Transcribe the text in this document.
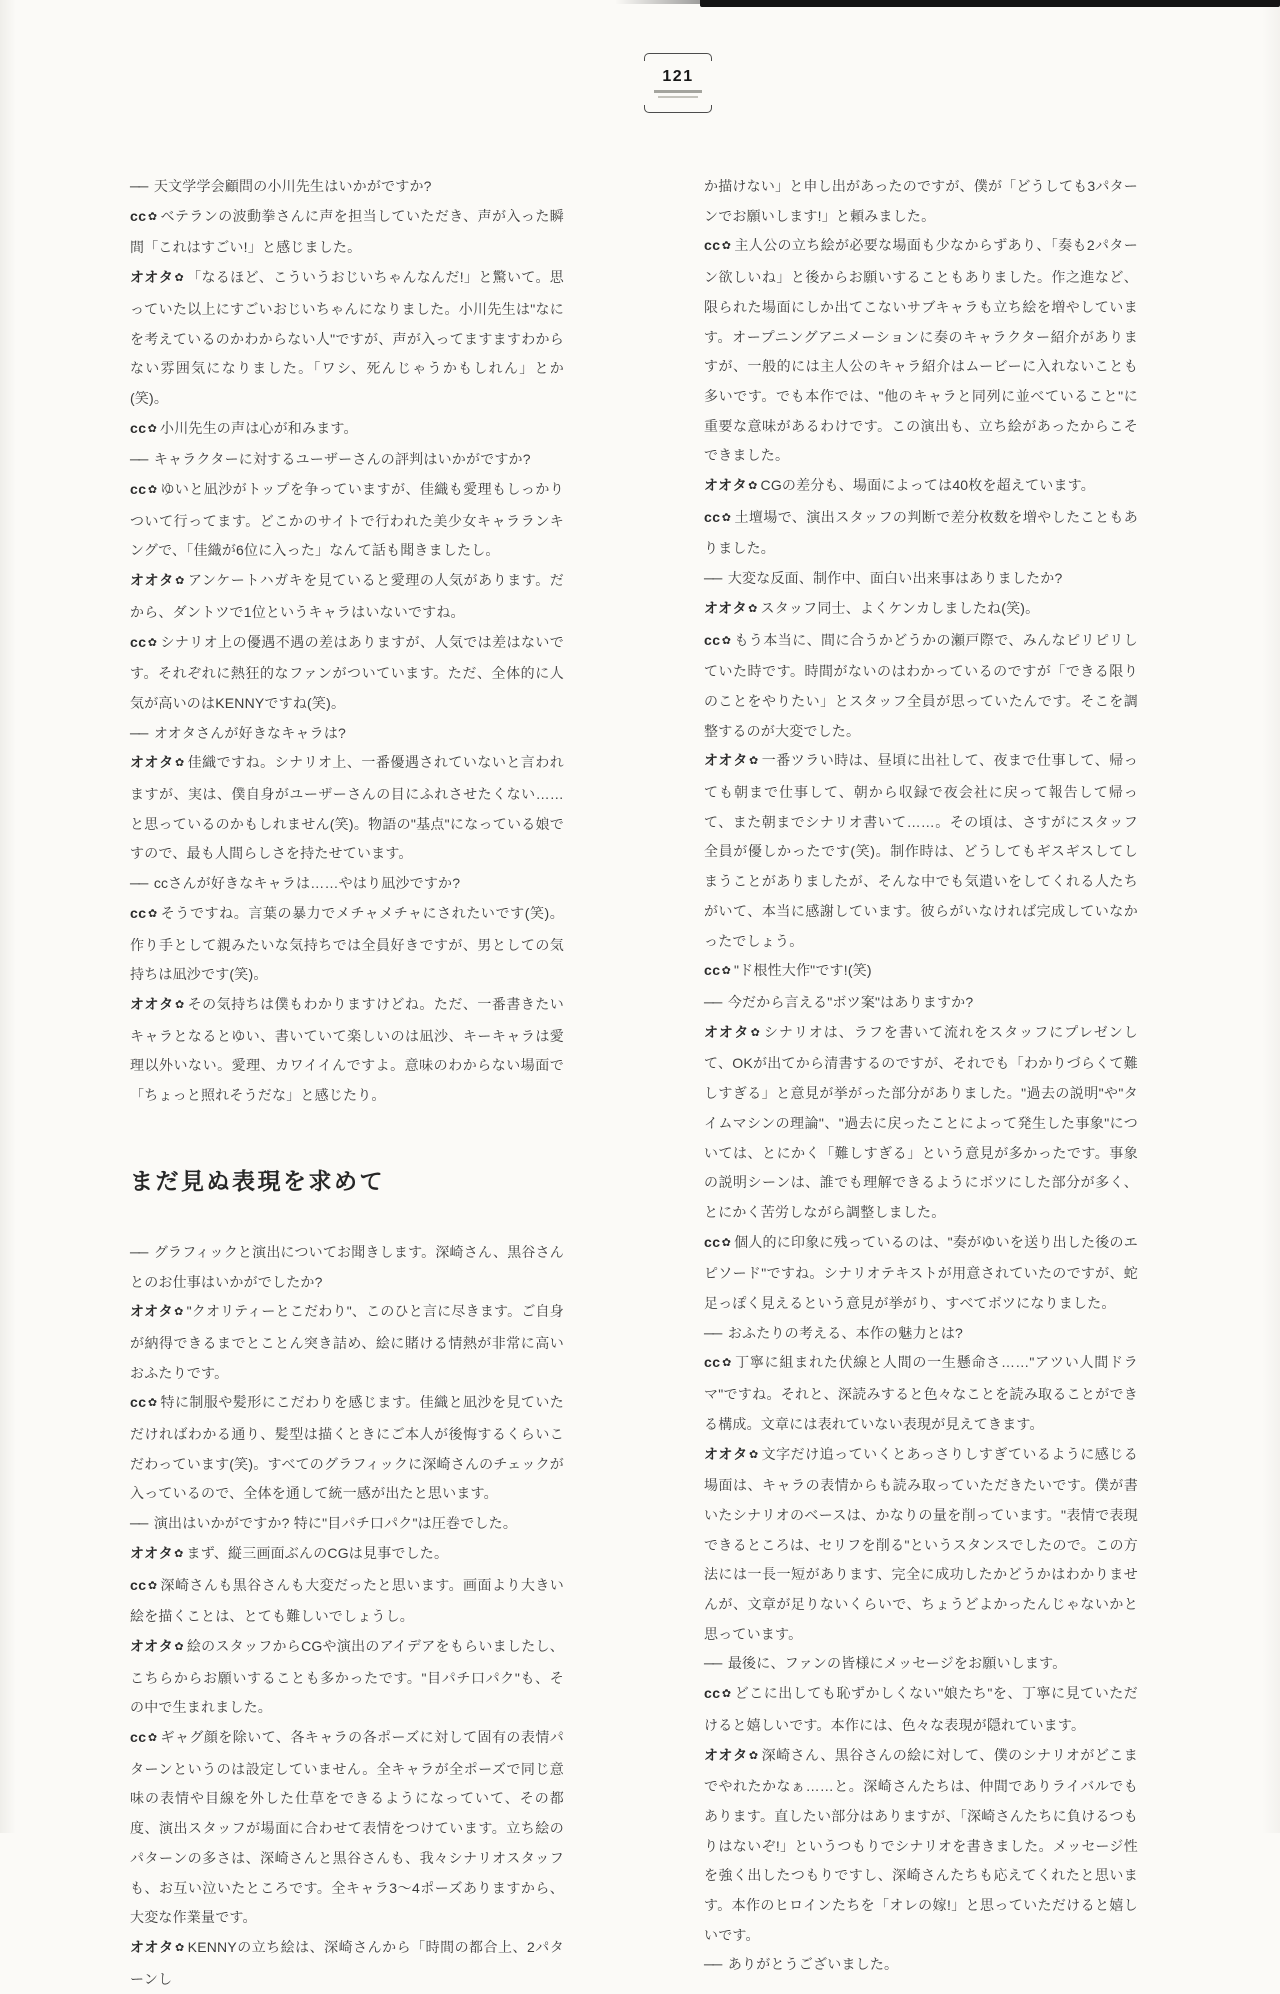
121

── 天文学学会顧問の小川先生はいかがですか?

cc✿ ベテランの波動拳さんに声を担当していただき、声が入った瞬間「これはすごい!」と感じました。

オオタ✿ 「なるほど、こういうおじいちゃんなんだ!」と驚いて。思っていた以上にすごいおじいちゃんになりました。小川先生は"なにを考えているのかわからない人"ですが、声が入ってますますわからない雰囲気になりました。「ワシ、死んじゃうかもしれん」とか(笑)。

cc✿ 小川先生の声は心が和みます。

── キャラクターに対するユーザーさんの評判はいかがですか?

cc✿ ゆいと凪沙がトップを争っていますが、佳織も愛理もしっかりついて行ってます。どこかのサイトで行われた美少女キャラランキングで、「佳織が6位に入った」なんて話も聞きましたし。

オオタ✿ アンケートハガキを見ていると愛理の人気があります。だから、ダントツで1位というキャラはいないですね。

cc✿ シナリオ上の優遇不遇の差はありますが、人気では差はないです。それぞれに熱狂的なファンがついています。ただ、全体的に人気が高いのはKENNYですね(笑)。

── オオタさんが好きなキャラは?

オオタ✿ 佳織ですね。シナリオ上、一番優遇されていないと言われますが、実は、僕自身がユーザーさんの目にふれさせたくない……と思っているのかもしれません(笑)。物語の"基点"になっている娘ですので、最も人間らしさを持たせています。

── ccさんが好きなキャラは……やはり凪沙ですか?

cc✿ そうですね。言葉の暴力でメチャメチャにされたいです(笑)。作り手として親みたいな気持ちでは全員好きですが、男としての気持ちは凪沙です(笑)。

オオタ✿ その気持ちは僕もわかりますけどね。ただ、一番書きたいキャラとなるとゆい、書いていて楽しいのは凪沙、キーキャラは愛理以外いない。愛理、カワイイんですよ。意味のわからない場面で「ちょっと照れそうだな」と感じたり。

まだ見ぬ表現を求めて

── グラフィックと演出についてお聞きします。深崎さん、黒谷さんとのお仕事はいかがでしたか?

オオタ✿ "クオリティーとこだわり"、このひと言に尽きます。ご自身が納得できるまでとことん突き詰め、絵に賭ける情熱が非常に高いおふたりです。

cc✿ 特に制服や髪形にこだわりを感じます。佳織と凪沙を見ていただければわかる通り、髪型は描くときにご本人が後悔するくらいこだわっています(笑)。すべてのグラフィックに深崎さんのチェックが入っているので、全体を通して統一感が出たと思います。

── 演出はいかがですか? 特に"目パチ口パク"は圧巻でした。

オオタ✿ まず、縦三画面ぶんのCGは見事でした。

cc✿ 深崎さんも黒谷さんも大変だったと思います。画面より大きい絵を描くことは、とても難しいでしょうし。

オオタ✿ 絵のスタッフからCGや演出のアイデアをもらいましたし、こちらからお願いすることも多かったです。"目パチ口パク"も、その中で生まれました。

cc✿ ギャグ顔を除いて、各キャラの各ポーズに対して固有の表情パターンというのは設定していません。全キャラが全ポーズで同じ意味の表情や目線を外した仕草をできるようになっていて、その都度、演出スタッフが場面に合わせて表情をつけています。立ち絵のパターンの多さは、深崎さんと黒谷さんも、我々シナリオスタッフも、お互い泣いたところです。全キャラ3〜4ポーズありますから、大変な作業量です。

オオタ✿ KENNYの立ち絵は、深崎さんから「時間の都合上、2パターンし

か描けない」と申し出があったのですが、僕が「どうしても3パターンでお願いします!」と頼みました。

cc✿ 主人公の立ち絵が必要な場面も少なからずあり、「奏も2パターン欲しいね」と後からお願いすることもありました。作之進など、限られた場面にしか出てこないサブキャラも立ち絵を増やしています。オープニングアニメーションに奏のキャラクター紹介がありますが、一般的には主人公のキャラ紹介はムービーに入れないことも多いです。でも本作では、"他のキャラと同列に並べていること"に重要な意味があるわけです。この演出も、立ち絵があったからこそできました。

オオタ✿ CGの差分も、場面によっては40枚を超えています。

cc✿ 土壇場で、演出スタッフの判断で差分枚数を増やしたこともありました。

── 大変な反面、制作中、面白い出来事はありましたか?

オオタ✿ スタッフ同士、よくケンカしましたね(笑)。

cc✿ もう本当に、間に合うかどうかの瀬戸際で、みんなピリピリしていた時です。時間がないのはわかっているのですが「できる限りのことをやりたい」とスタッフ全員が思っていたんです。そこを調整するのが大変でした。

オオタ✿ 一番ツラい時は、昼頃に出社して、夜まで仕事して、帰っても朝まで仕事して、朝から収録で夜会社に戻って報告して帰って、また朝までシナリオ書いて……。その頃は、さすがにスタッフ全員が優しかったです(笑)。制作時は、どうしてもギスギスしてしまうことがありましたが、そんな中でも気遣いをしてくれる人たちがいて、本当に感謝しています。彼らがいなければ完成していなかったでしょう。

cc✿ "ド根性大作"です!(笑)

── 今だから言える"ボツ案"はありますか?

オオタ✿ シナリオは、ラフを書いて流れをスタッフにプレゼンして、OKが出てから清書するのですが、それでも「わかりづらくて難しすぎる」と意見が挙がった部分がありました。"過去の説明"や"タイムマシンの理論"、"過去に戻ったことによって発生した事象"については、とにかく「難しすぎる」という意見が多かったです。事象の説明シーンは、誰でも理解できるようにボツにした部分が多く、とにかく苦労しながら調整しました。

cc✿ 個人的に印象に残っているのは、"奏がゆいを送り出した後のエピソード"ですね。シナリオテキストが用意されていたのですが、蛇足っぽく見えるという意見が挙がり、すべてボツになりました。

── おふたりの考える、本作の魅力とは?

cc✿ 丁寧に組まれた伏線と人間の一生懸命さ……"アツい人間ドラマ"ですね。それと、深読みすると色々なことを読み取ることができる構成。文章には表れていない表現が見えてきます。

オオタ✿ 文字だけ追っていくとあっさりしすぎているように感じる場面は、キャラの表情からも読み取っていただきたいです。僕が書いたシナリオのベースは、かなりの量を削っています。"表情で表現できるところは、セリフを削る"というスタンスでしたので。この方法には一長一短があります、完全に成功したかどうかはわかりませんが、文章が足りないくらいで、ちょうどよかったんじゃないかと思っています。

── 最後に、ファンの皆様にメッセージをお願いします。

cc✿ どこに出しても恥ずかしくない"娘たち"を、丁寧に見ていただけると嬉しいです。本作には、色々な表現が隠れています。

オオタ✿ 深崎さん、黒谷さんの絵に対して、僕のシナリオがどこまでやれたかなぁ……と。深崎さんたちは、仲間でありライバルでもあります。直したい部分はありますが、「深崎さんたちに負けるつもりはないぞ!」というつもりでシナリオを書きました。メッセージ性を強く出したつもりですし、深崎さんたちも応えてくれたと思います。本作のヒロインたちを「オレの嫁!」と思っていただけると嬉しいです。

── ありがとうございました。
